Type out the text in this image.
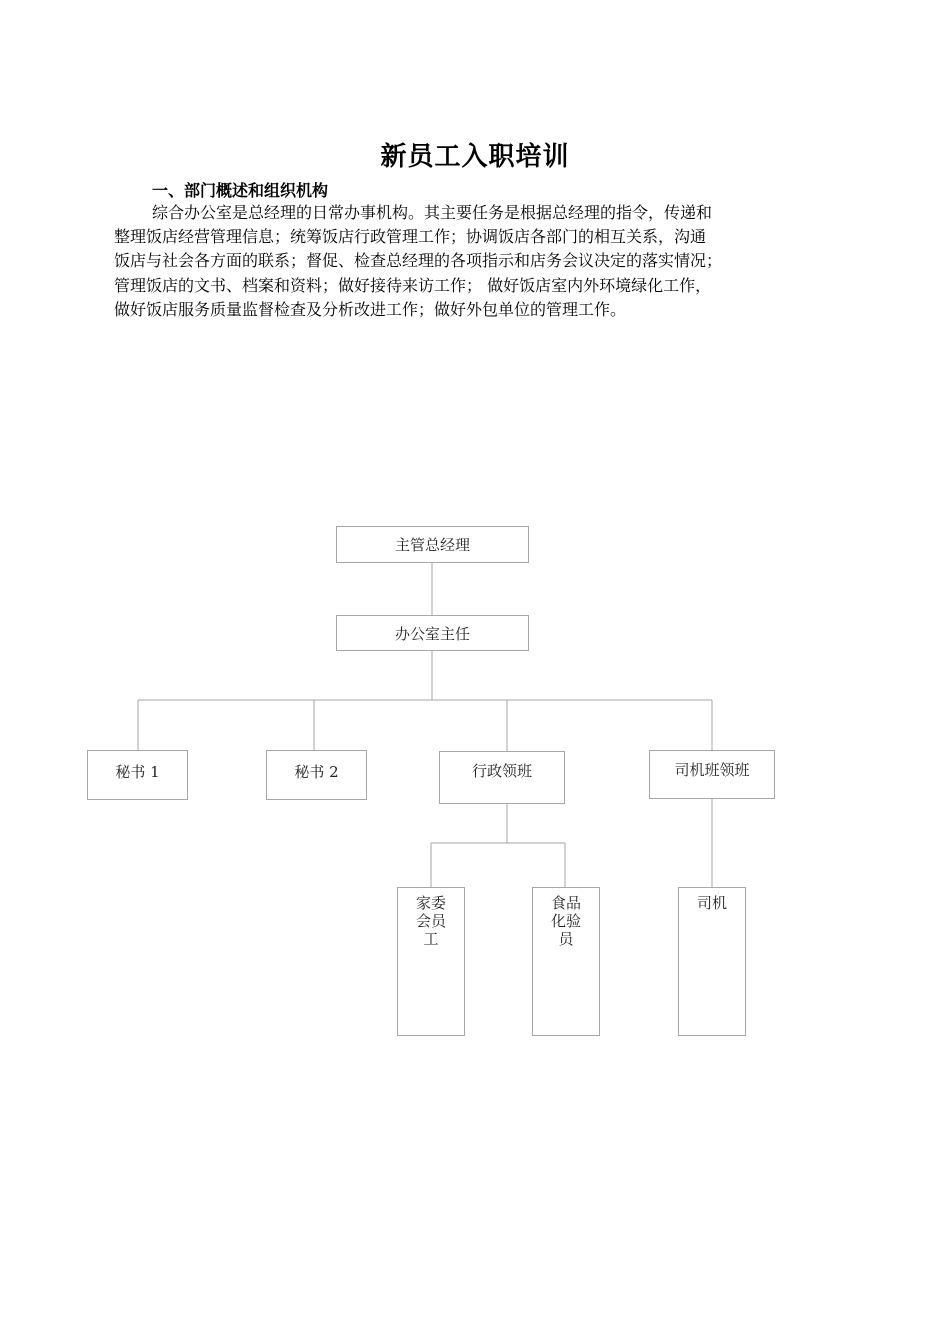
新员工入职培训
一、部门概述和组织机构
综合办公室是总经理的日常办事机构。其主要任务是根据总经理的指令，传递和
整理饭店经营管理信息；统筹饭店行政管理工作；协调饭店各部门的相互关系，沟通
饭店与社会各方面的联系；督促、检查总经理的各项指示和店务会议决定的落实情况；
管理饭店的文书、档案和资料；做好接待来访工作； 做好饭店室内外环境绿化工作，
做好饭店服务质量监督检查及分析改进工作；做好外包单位的管理工作。
主管总经理
办公室主任
秘书 1	秘书 2	行政领班	司机班领班
家委
会员
工
食品
化验
员
司机
